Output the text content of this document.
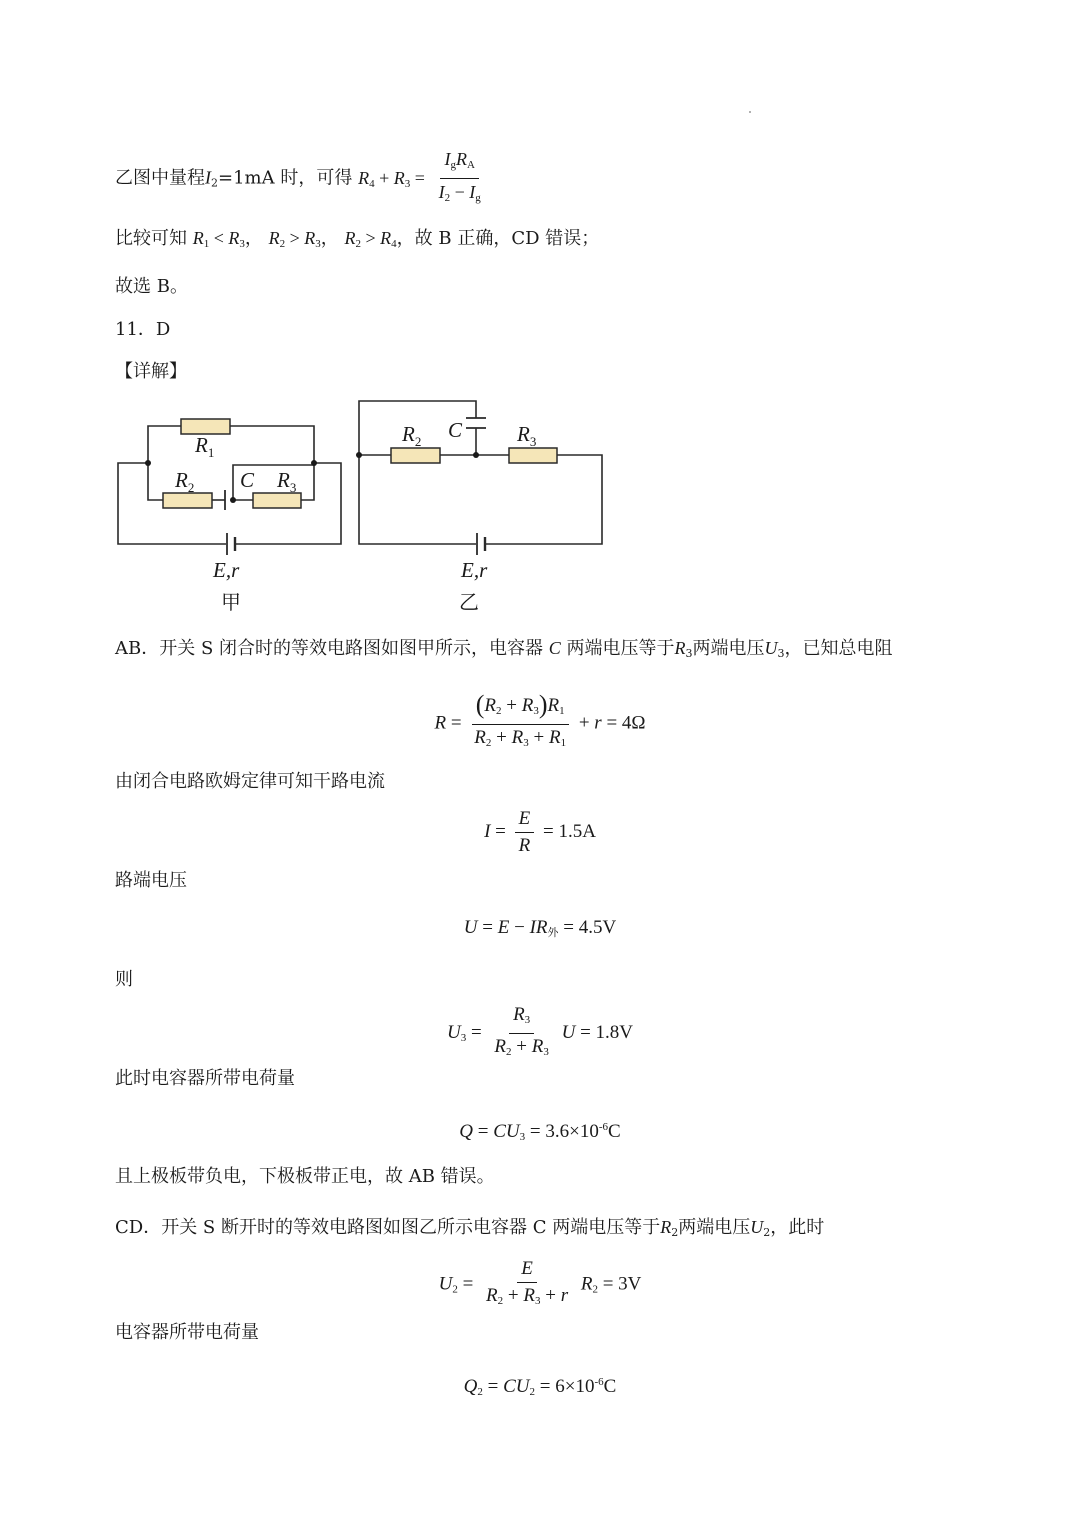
乙图中量程$I_2=1mA$ 时，可得 $R_4 + R_3 = \frac{I_gR_A}{I_2 - I_g}$
比较可知 $R_1 < R_3$， $R_2 > R_3$， $R_2 > R_4$，故 B 正确，CD 错误；
故选 B。
11．D
【详解】
$R_1$
$R_2$ C $R_3$
E,r
甲
$R_2$ C	$R_3$
E,r
乙
AB．开关 S 闭合时的等效电路图如图甲所示，电容器 C 两端电压等于$R_3$两端电压$U_3$，已知总电阻
$R = \frac{(R_2 + R_3)R_1}{R_2 + R_3 + R_1} + r = 4\Omega$
由闭合电路欧姆定律可知干路电流
$I = \frac{E}{R} = 1.5A$
路端电压
$U = E - IR_外 = 4.5V$
则
$U_3 = \frac{R_3}{R_2 + R_3}$ U = 1.8V
此时电容器所带电荷量
$Q = CU_3 = 3.6\times 10^{-6}C$
且上极板带负电，下极板带正电，故 AB 错误。
CD．开关 S 断开时的等效电路图如图乙所示电容器 C 两端电压等于$R_2$两端电压$U_2$，此时
$U_2 = \frac{E}{R_2 + R_3 + r} R_2 = 3V$
电容器所带电荷量
$Q_2 = CU_2 = 6\times 10^{-6}C$
